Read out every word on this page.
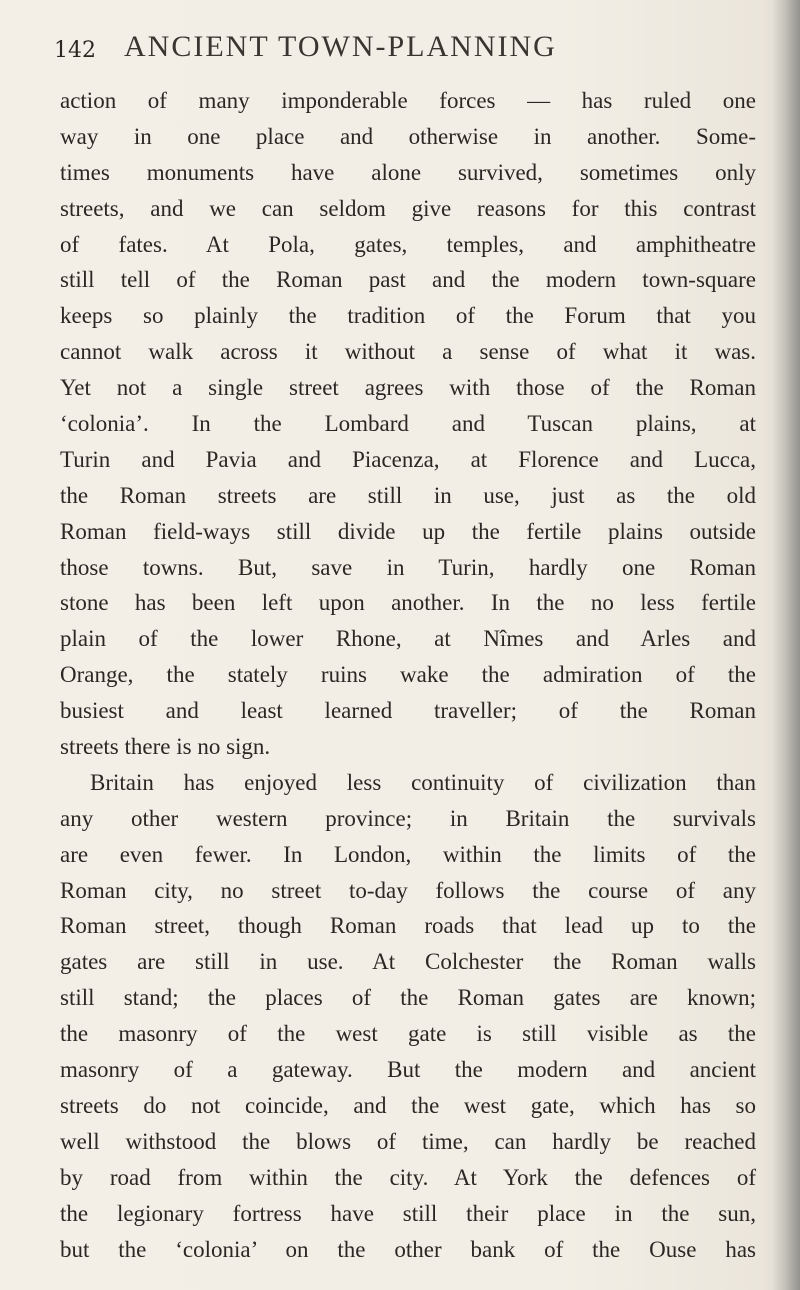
142 ANCIENT TOWN-PLANNING
action of many imponderable forces — has ruled one
way in one place and otherwise in another. Some-
times monuments have alone survived, sometimes only
streets, and we can seldom give reasons for this contrast
of fates. At Pola, gates, temples, and amphitheatre
still tell of the Roman past and the modern town-square
keeps so plainly the tradition of the Forum that you
cannot walk across it without a sense of what it was.
Yet not a single street agrees with those of the Roman
‘colonia’. In the Lombard and Tuscan plains, at
Turin and Pavia and Piacenza, at Florence and Lucca,
the Roman streets are still in use, just as the old
Roman field-ways still divide up the fertile plains outside
those towns. But, save in Turin, hardly one Roman
stone has been left upon another. In the no less fertile
plain of the lower Rhone, at Nîmes and Arles and
Orange, the stately ruins wake the admiration of the
busiest and least learned traveller; of the Roman
streets there is no sign.
Britain has enjoyed less continuity of civilization than
any other western province; in Britain the survivals
are even fewer. In London, within the limits of the
Roman city, no street to-day follows the course of any
Roman street, though Roman roads that lead up to the
gates are still in use. At Colchester the Roman walls
still stand; the places of the Roman gates are known;
the masonry of the west gate is still visible as the
masonry of a gateway. But the modern and ancient
streets do not coincide, and the west gate, which has so
well withstood the blows of time, can hardly be reached
by road from within the city. At York the defences of
the legionary fortress have still their place in the sun,
but the ‘colonia’ on the other bank of the Ouse has
